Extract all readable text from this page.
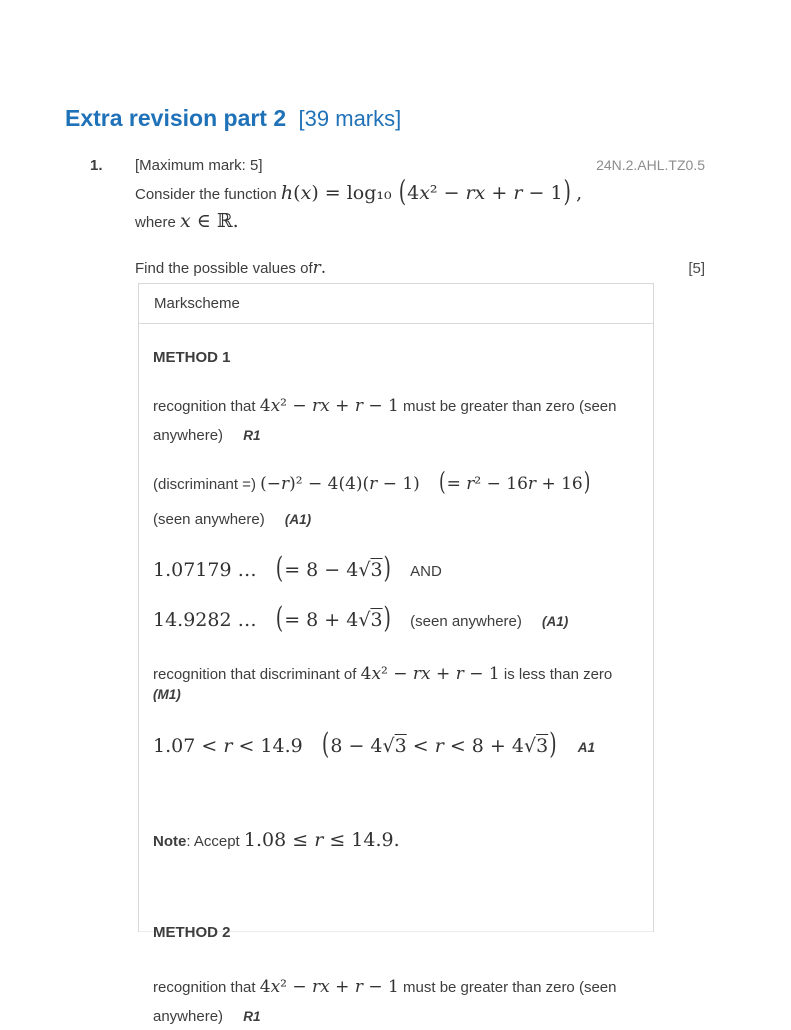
Extra revision part 2 [39 marks]
1.	[Maximum mark: 5]	24N.2.AHL.TZ0.5

Consider the function h(x) = log₁₀ (4x² − rx + r − 1) ,

where x ∈ ℝ.

Find the possible values of r.	[5]

Markscheme

METHOD 1

recognition that 4x² − rx + r − 1 must be greater than zero (seen anywhere) R1

(discriminant =) (−r)² − 4(4)(r − 1) (= r² − 16r + 16)

(seen anywhere) (A1)

1.07179 … (= 8 − 4√3) AND

14.9282 … (= 8 + 4√3) (seen anywhere) (A1)

recognition that discriminant of 4x² − rx + r − 1 is less than zero
(M1)

1.07 < r < 14.9 (8 − 4√3 < r < 8 + 4√3) A1

Note: Accept 1.08 ≤ r ≤ 14.9.

METHOD 2

recognition that 4x² − rx + r − 1 must be greater than zero (seen anywhere) R1
